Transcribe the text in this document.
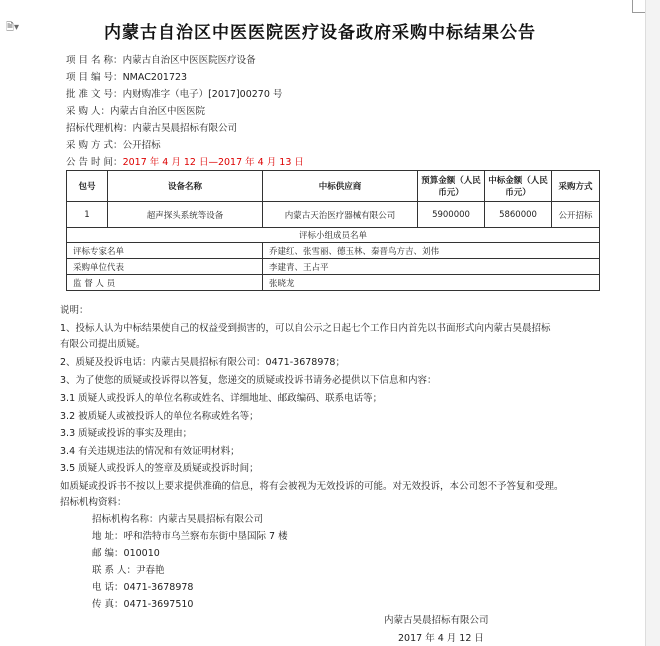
🗎▾	内蒙古自治区中医医院医疗设备政府采购中标结果公告
项 目 名 称：内蒙古自治区中医医院医疗设备
项 目 编 号：NMAC201723
批 准 文 号：内财购准字（电子）[2017]00270 号
采 购 人：内蒙古自治区中医医院
招标代理机构：内蒙古昊晨招标有限公司
采 购 方 式：公开招标
公 告 时 间：2017 年 4 月 12 日—2017 年 4 月 13 日
包号	设备名称	中标供应商	预算金额（人民币元）	中标金额（人民币元）	采购方式
1	超声探头系统等设备	内蒙古天治医疗器械有限公司	5900000	5860000	公开招标
评标小组成员名单					
评标专家名单		乔建红、张雪丽、德玉林、秦晋鸟方吉、刘伟			
采购单位代表		李建青、王占平			
监 督 人 员		张晓龙			
说明：
1、投标人认为中标结果使自己的权益受到损害的，可以自公示之日起七个工作日内首先以书面形式向内蒙古昊晨招标
有限公司提出质疑。
2、质疑及投诉电话：内蒙古昊晨招标有限公司：0471-3678978；
3、为了使您的质疑或投诉得以答复，您递交的质疑或投诉书请务必提供以下信息和内容：
3.1 质疑人或投诉人的单位名称或姓名、详细地址、邮政编码、联系电话等；
3.2 被质疑人或被投诉人的单位名称或姓名等；
3.3 质疑或投诉的事实及理由；
3.4 有关违规违法的情况和有效证明材料；
3.5 质疑人或投诉人的签章及质疑或投诉时间；
如质疑或投诉书不按以上要求提供准确的信息，将有会被视为无效投诉的可能。对无效投诉，本公司恕不予答复和受理。
招标机构资料：
招标机构名称：内蒙古昊晨招标有限公司
地 址：呼和浩特市乌兰察布东街中垦国际 7 楼
邮 编：010010
联 系 人：尹春艳
电 话：0471-3678978
传 真：0471-3697510
内蒙古昊晨招标有限公司
2017 年 4 月 12 日
